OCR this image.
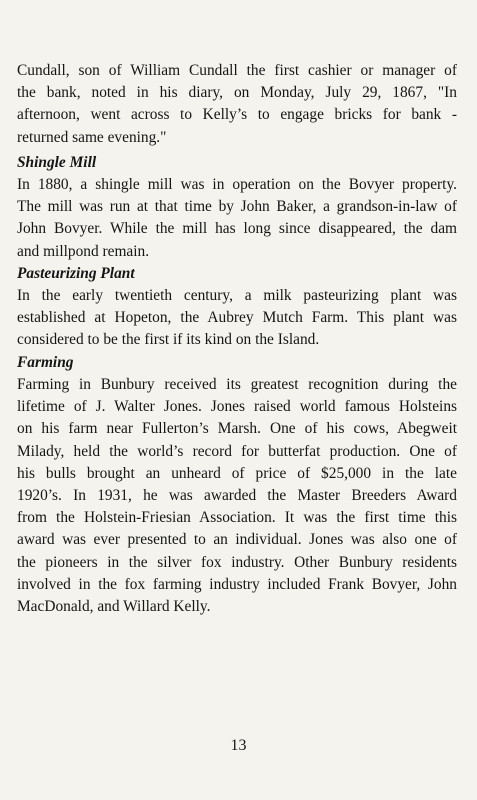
Cundall, son of William Cundall the first cashier or manager of
the bank, noted in his diary, on Monday, July 29, 1867, "In
afternoon, went across to Kelly’s to engage bricks for bank -
returned same evening."
Shingle Mill
In 1880, a shingle mill was in operation on the Bovyer property.
The mill was run at that time by John Baker, a grandson-in-law of
John Bovyer. While the mill has long since disappeared, the dam
and millpond remain.
Pasteurizing Plant
In the early twentieth century, a milk pasteurizing plant was
established at Hopeton, the Aubrey Mutch Farm. This plant was
considered to be the first if its kind on the Island.
Farming
Farming in Bunbury received its greatest recognition during the
lifetime of J. Walter Jones. Jones raised world famous Holsteins
on his farm near Fullerton’s Marsh. One of his cows, Abegweit
Milady, held the world’s record for butterfat production. One of
his bulls brought an unheard of price of $25,000 in the late
1920’s. In 1931, he was awarded the Master Breeders Award
from the Holstein-Friesian Association. It was the first time this
award was ever presented to an individual. Jones was also one of
the pioneers in the silver fox industry. Other Bunbury residents
involved in the fox farming industry included Frank Bovyer, John
MacDonald, and Willard Kelly.
13
